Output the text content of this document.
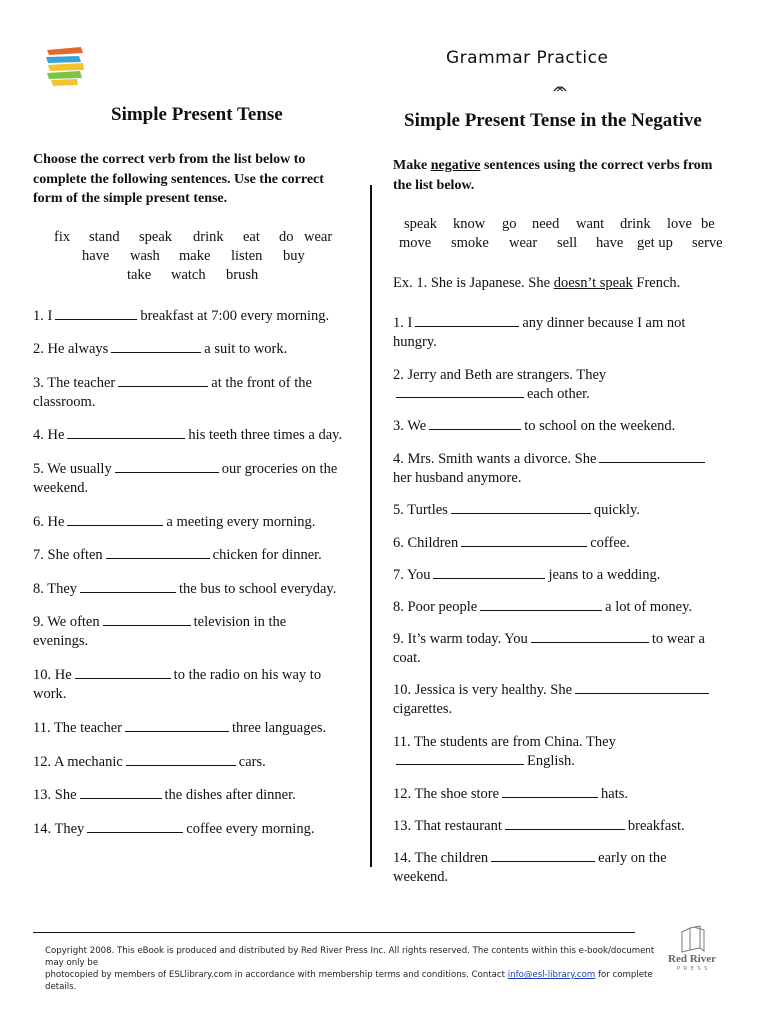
Grammar Practice
Simple Present Tense
Choose the correct verb from the list below to complete the following sentences. Use the correct form of the simple present tense.
fix stand speak drink eat do wear
have wash make listen buy
take watch brush
1. I	breakfast at 7:00 every morning.
2. He always	a suit to work.
3. The teacher	at the front of the
classroom.
4. He	his teeth three times a day.
5. We usually	our groceries on the
weekend.
6. He	a meeting every morning.
7. She often	chicken for dinner.
8. They	the bus to school everyday.
9. We often	television in the
evenings.
10. He	to the radio on his way to
work.
11. The teacher	three languages.
12. A mechanic	cars.
13. She	the dishes after dinner.
14. They	coffee every morning.
Simple Present Tense in the Negative
Make negative sentences using the correct verbs from the list below.
speak know go need want drink love be
move smoke wear sell have get up serve
Ex. 1. She is Japanese. She doesn’t speak French.
1. I	any dinner because I am not
hungry.
2. Jerry and Beth are strangers. Theyeach other.
3. We	to school on the weekend.
4. Mrs. Smith wants a divorce. She
her husband anymore.
5. Turtles	quickly.
6. Children	coffee.
7. You	jeans to a wedding.
8. Poor people	a lot of money.
9. It’s warm today. You	to wear a
coat.
10. Jessica is very healthy. She
cigarettes.
11. The students are from China. TheyEnglish.
12. The shoe store	hats.
13. That restaurant	breakfast.
14. The children	early on the
weekend.
Copyright 2008. This eBook is produced and distributed by Red River Press Inc. All rights reserved. The contents within this e-book/document may only be
photocopied by members of ESLlibrary.com in accordance with membership terms and conditions. Contact info@esl-library.com for complete details.
Red River
P R E S S
